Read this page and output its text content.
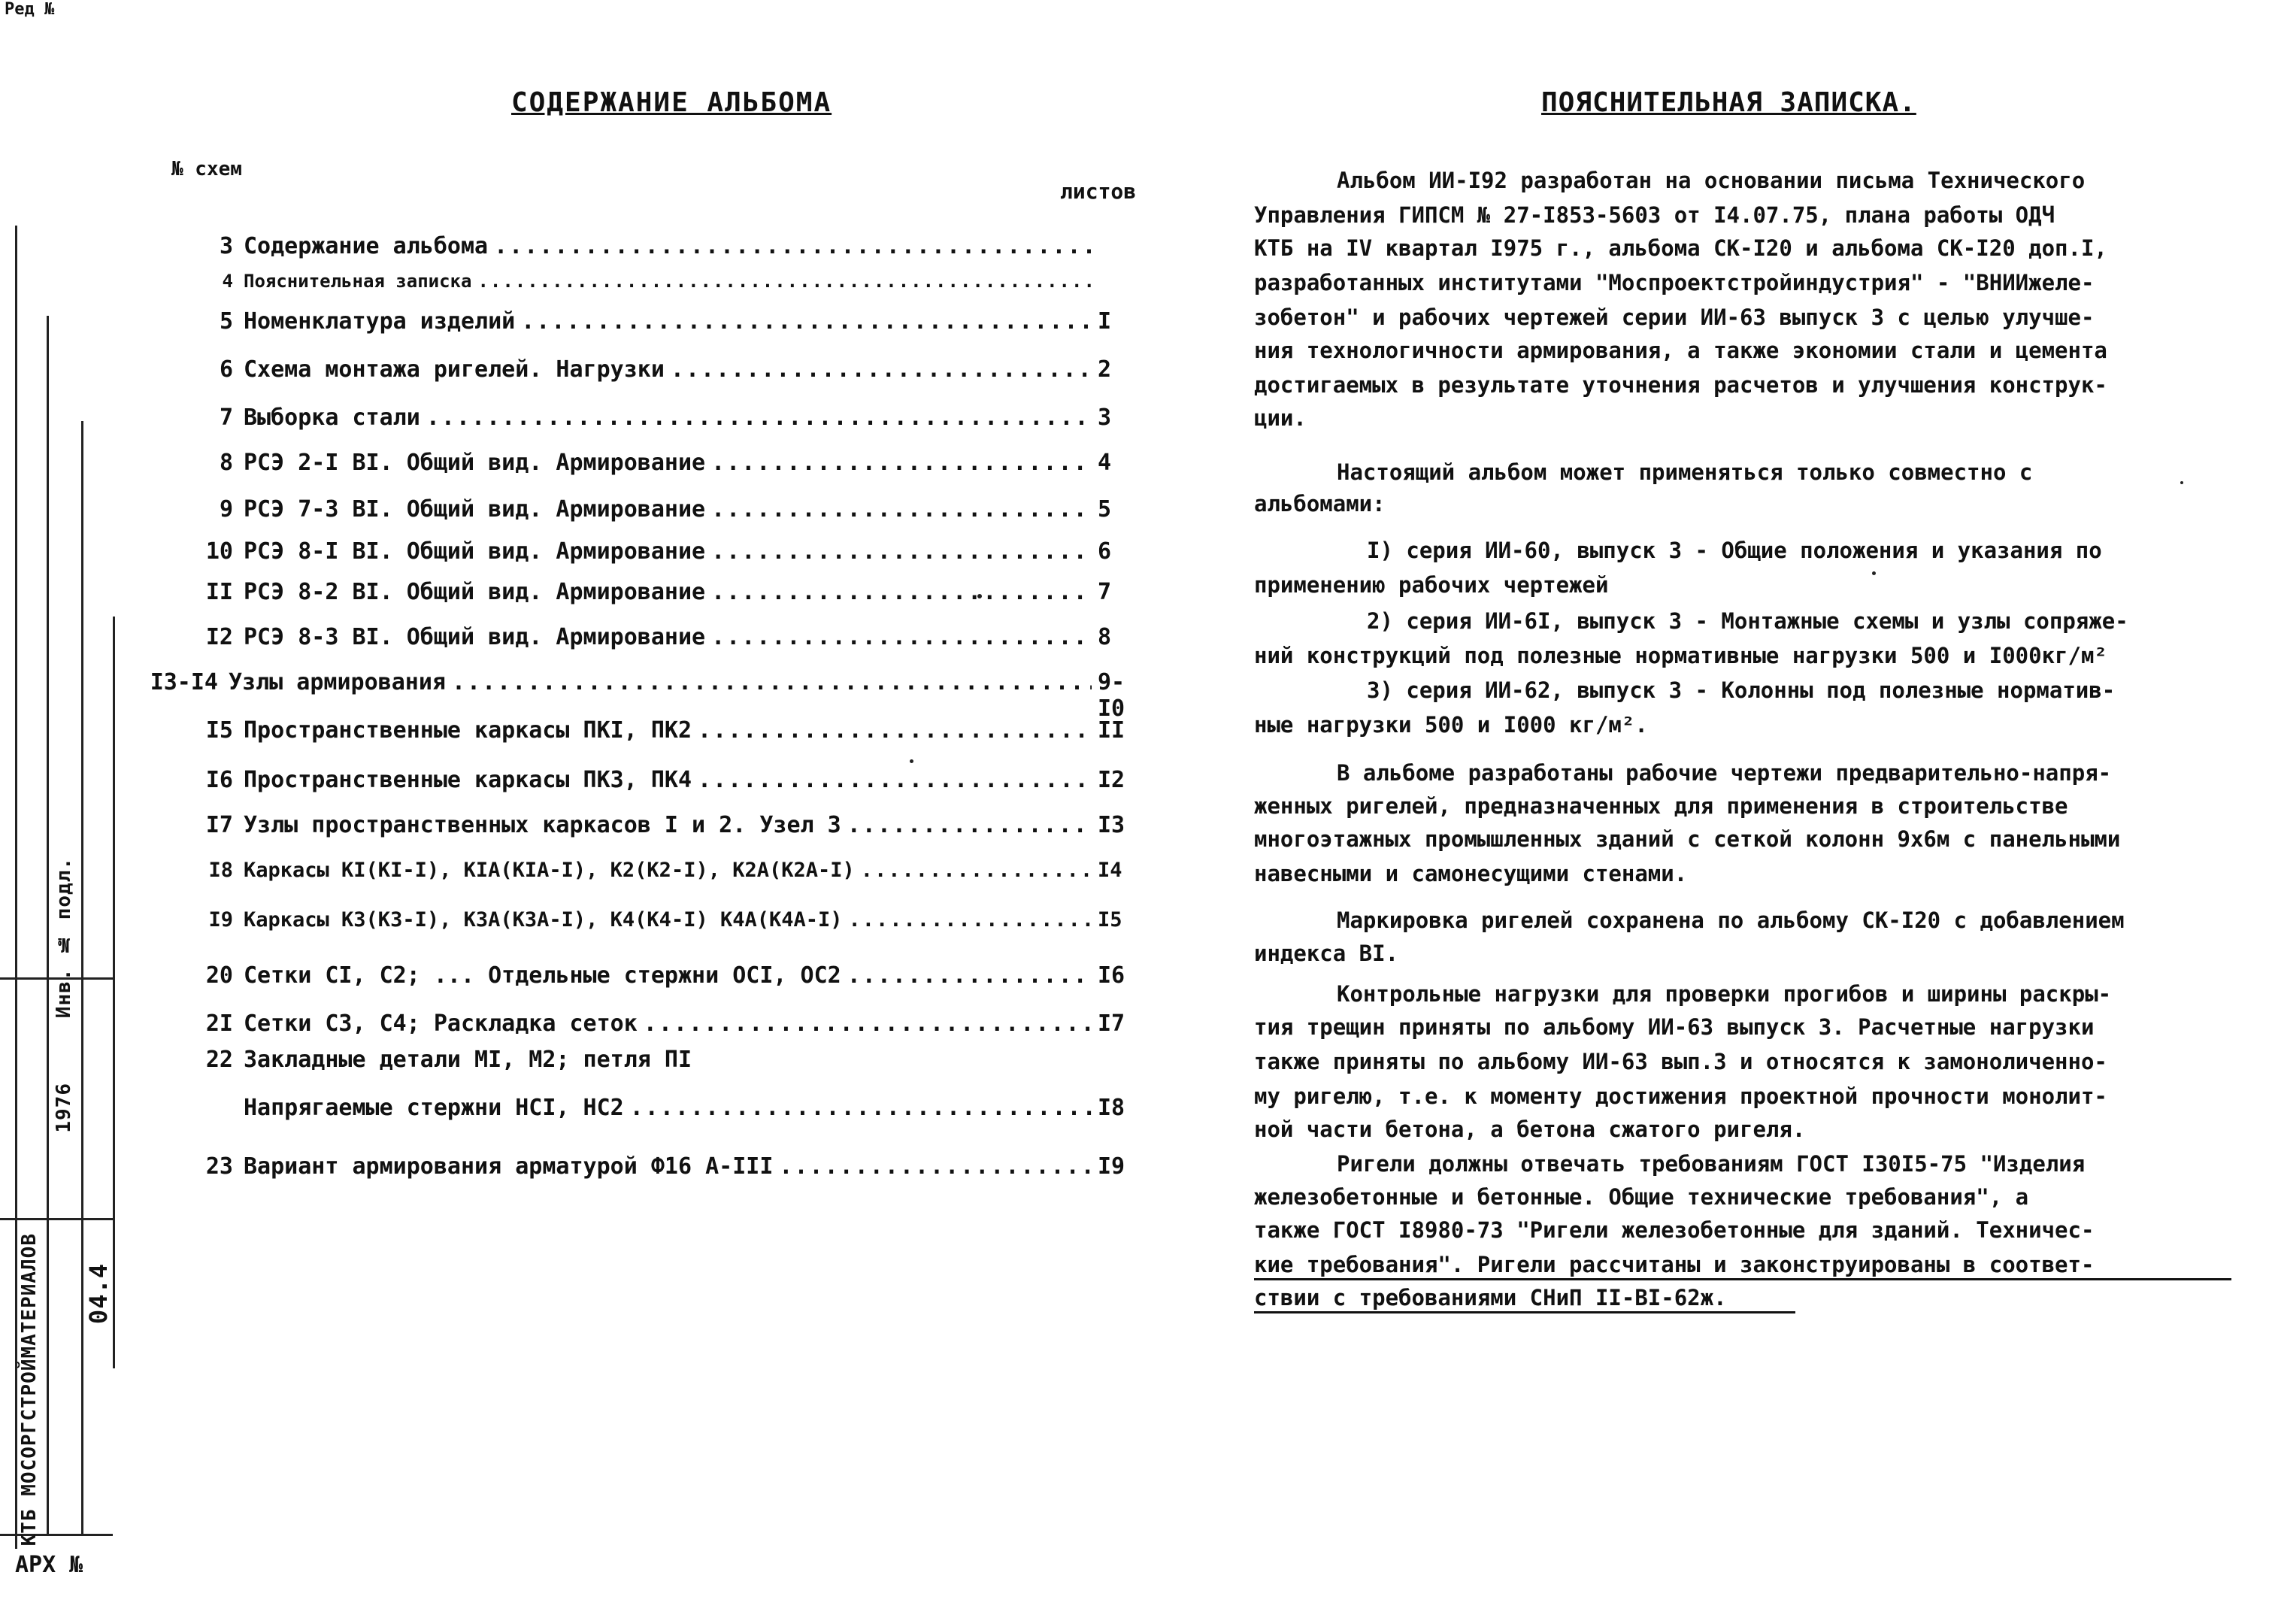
Ред №
КТБ МОСОРГСТРОЙМАТЕРИАЛОВ
Инв. № подл.
1976
04.4
АРХ №
СОДЕРЖАНИЕ АЛЬБОМА
№ схем
листов
3 Содержание альбома
.....
4 Пояснительная записка
.....
5 Номенклатура изделий .....	I
6 Схема монтажа ригелей. Нагрузки .....	2
7 Выборка стали .....	3
8 РСЭ 2-I ВI. Общий вид. Армирование .....	4
9 РСЭ 7-3 ВI. Общий вид. Армирование .....	5
10 РСЭ 8-I ВI. Общий вид. Армирование .....	6
II РСЭ 8-2 ВI. Общий вид. Армирование .....	7
I2 РСЭ 8-3 ВI. Общий вид. Армирование .....	8
I3-I4 Узлы армирования .....	9-I0
I5 Пространственные каркасы ПКI, ПК2 .....	II
I6 Пространственные каркасы ПК3, ПК4 .....	I2
I7 Узлы пространственных каркасов I и 2. Узел 3 .....	I3
I8 Каркасы КI(КI-I), КIА(КIА-I), К2(К2-I), К2А(К2А-I) .....	I4
I9 Каркасы К3(К3-I), К3А(К3А-I), К4(К4-I) К4А(К4А-I) .....	I5
20 Сетки СI, С2; ... Отдельные стержни ОСI, ОС2 .....	I6
2I Сетки С3, С4; Раскладка сеток .....	I7
22 Закладные детали МI, М2; петля ПI
Напрягаемые стержни НСI, НС2 .....	I8
23 Вариант армирования арматурой Ф16 А-III .....	I9
ПОЯСНИТЕЛЬНАЯ ЗАПИСКА.
Альбом ИИ-I92 разработан на основании письма Технического
Управления ГИПСМ № 27-I853-5603 от I4.07.75, плана работы ОДЧ
КТБ на IV квартал I975 г., альбома СК-I20 и альбома СК-I20 доп.I,
разработанных институтами "Моспроектстройиндустрия" - "ВНИИжеле-
зобетон" и рабочих чертежей серии ИИ-63 выпуск 3 с целью улучше-
ния технологичности армирования, а также экономии стали и цемента
достигаемых в результате уточнения расчетов и улучшения конструк-
ции.
Настоящий альбом может применяться только совместно с
альбомами:
I) серия ИИ-60, выпуск 3 - Общие положения и указания по
применению рабочих чертежей
2) серия ИИ-6I, выпуск 3 - Монтажные схемы и узлы сопряже-
ний конструкций под полезные нормативные нагрузки 500 и I000кг/м²
3) серия ИИ-62, выпуск 3 - Колонны под полезные норматив-
ные нагрузки 500 и I000 кг/м².
В альбоме разработаны рабочие чертежи предварительно-напря-
женных ригелей, предназначенных для применения в строительстве
многоэтажных промышленных зданий с сеткой колонн 9х6м с панельными
навесными и самонесущими стенами.
Маркировка ригелей сохранена по альбому СК-I20 с добавлением
индекса ВI.
Контрольные нагрузки для проверки прогибов и ширины раскры-
тия трещин приняты по альбому ИИ-63 выпуск 3. Расчетные нагрузки
также приняты по альбому ИИ-63 вып.3 и относятся к замоноличенно-
му ригелю, т.е. к моменту достижения проектной прочности монолит-
ной части бетона, а бетона сжатого ригеля.
Ригели должны отвечать требованиям ГОСТ I30I5-75 "Изделия
железобетонные и бетонные. Общие технические требования", а
также ГОСТ I8980-73 "Ригели железобетонные для зданий. Техничес-
кие требования". Ригели рассчитаны и законструированы в соответ-
ствии с требованиями СНиП II-ВI-62ж.
